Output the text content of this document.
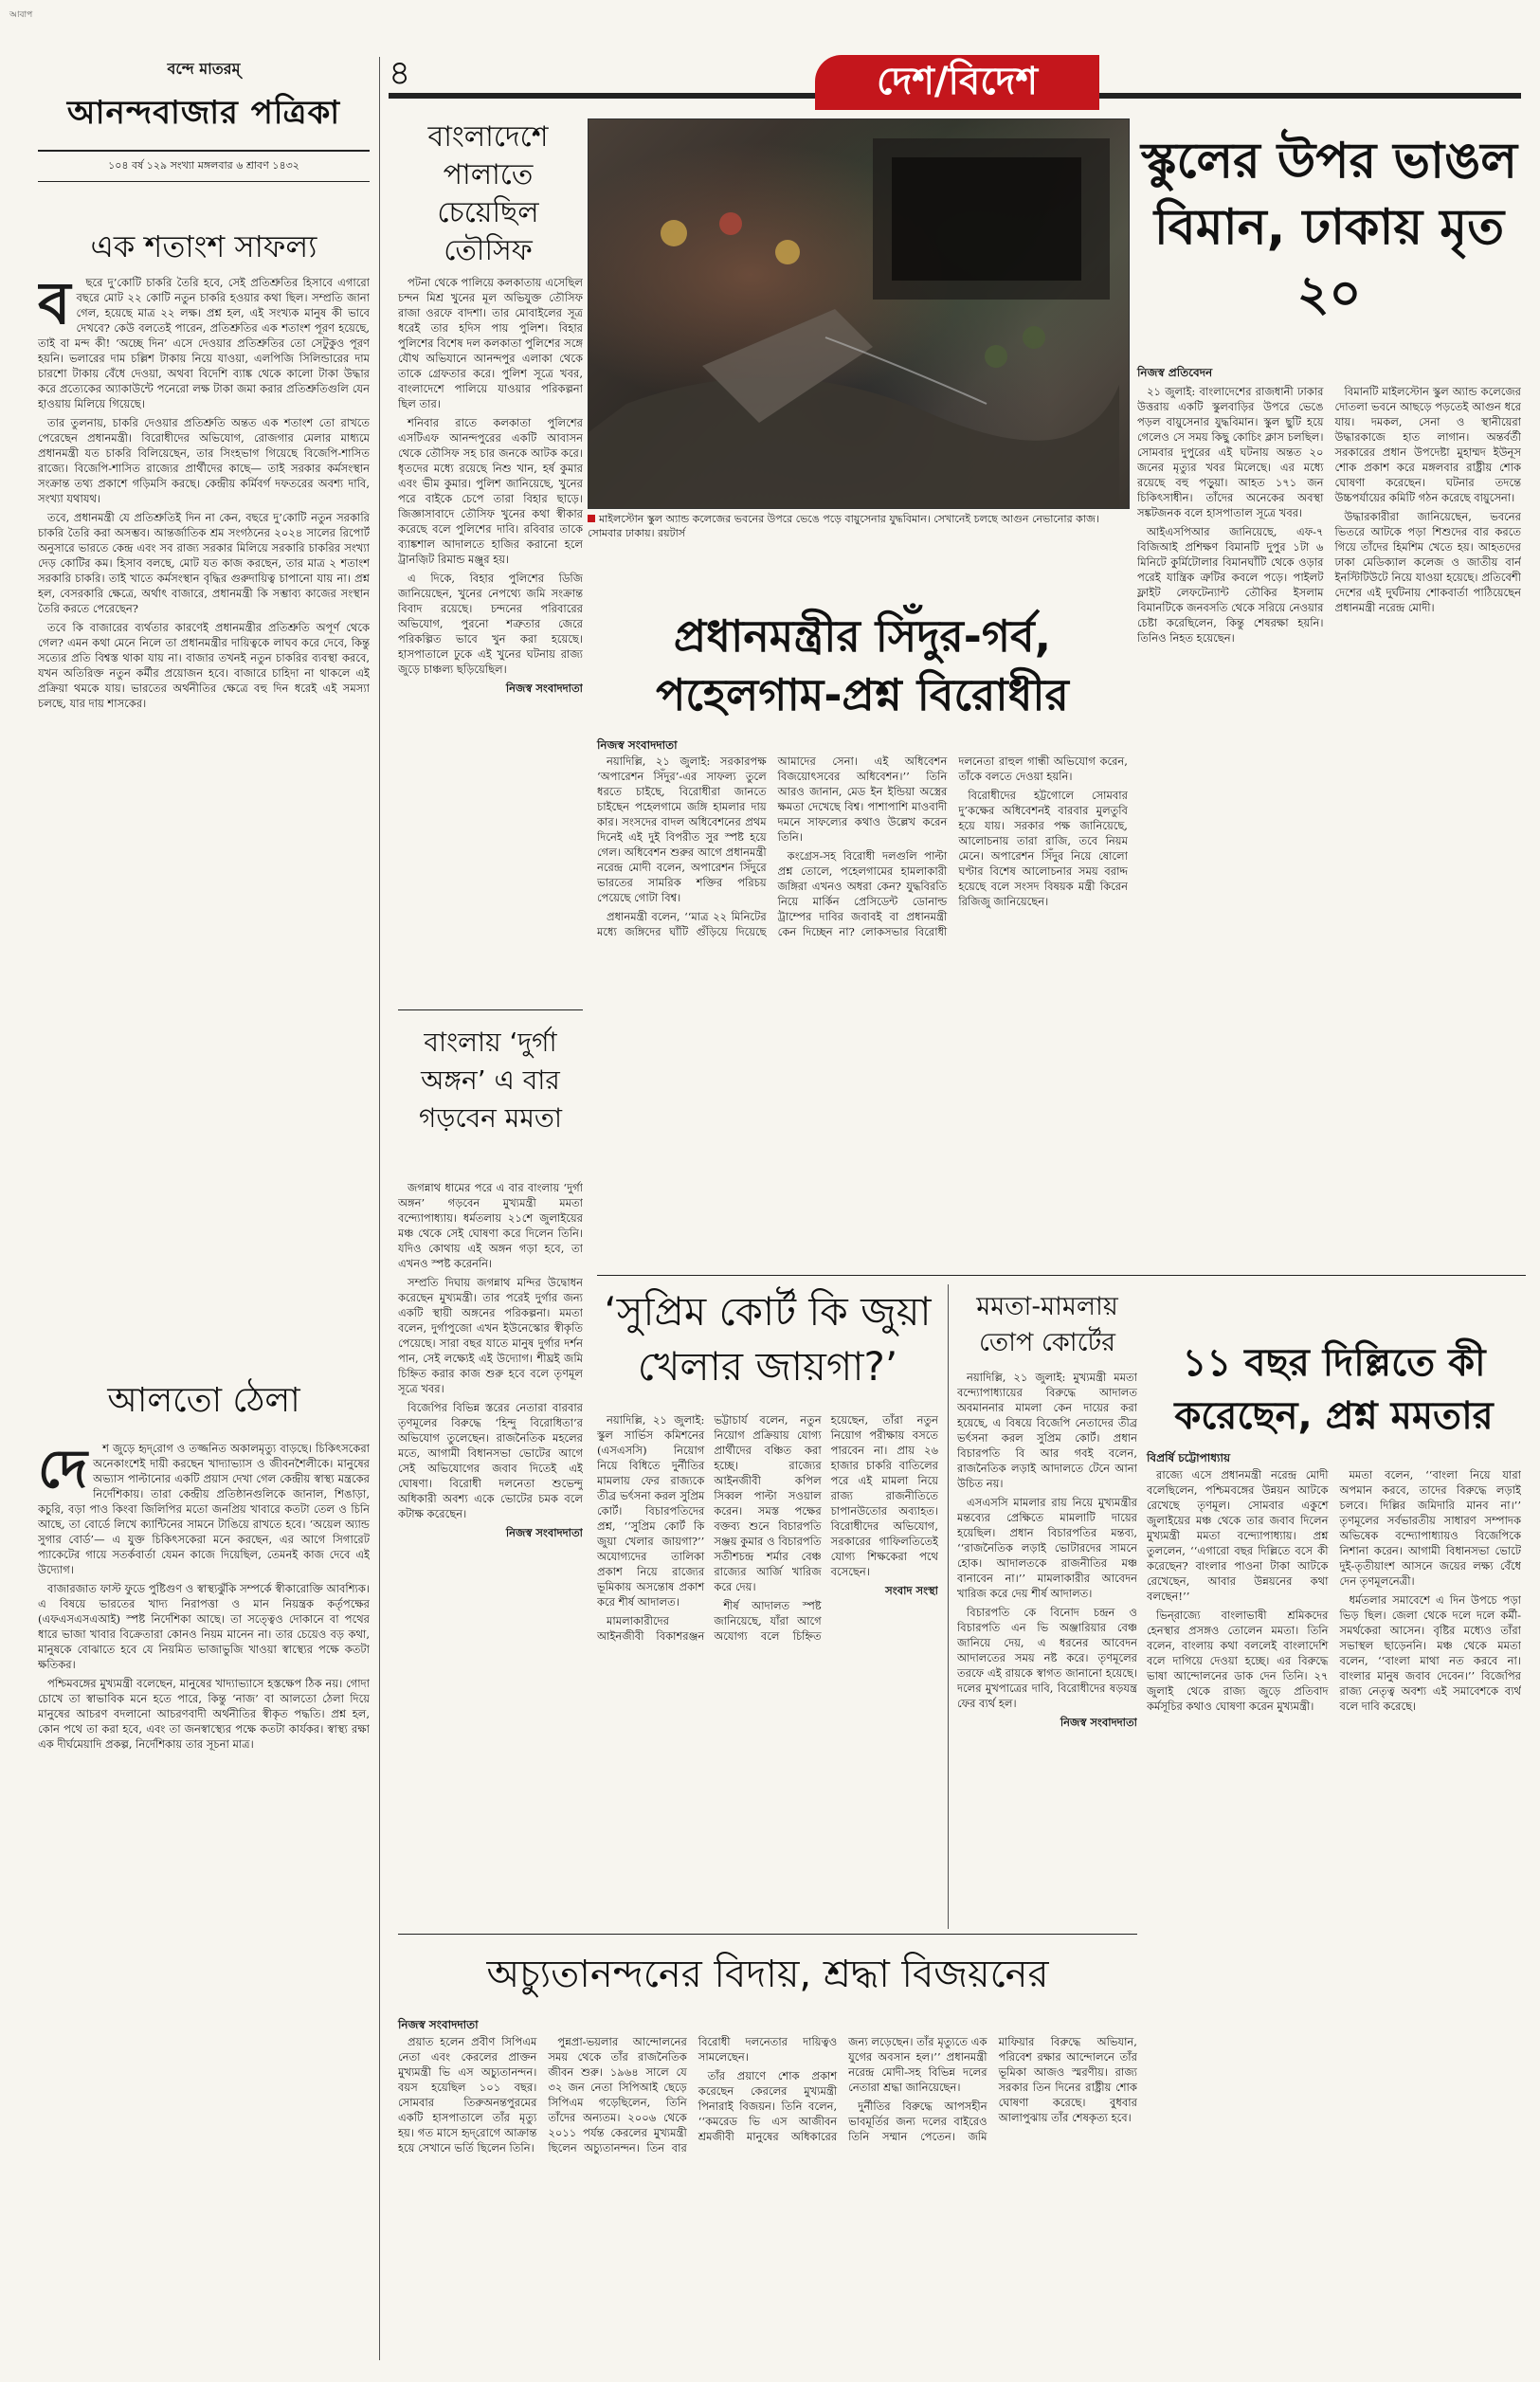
আবাপ
৪	দেশ/বিদেশ
বন্দে মাতরম্‌
আনন্দবাজার পত্রিকা
১০৪ বর্ষ ১২৯ সংখ্যা মঙ্গলবার ৬ শ্রাবণ ১৪৩২
এক শতাংশ সাফল্য
ব	ছরে দু’কোটি চাকরি তৈরি হবে, সেই প্রতিশ্রুতির হিসাবে এগারো বছরে মোট ২২ কোটি নতুন চাকরি হওয়ার কথা ছিল। সম্প্রতি জানা গেল, হয়েছে মাত্র ২২ লক্ষ। প্রশ্ন হল, এই সংখ্যক মানুষ কী ভাবে দেখবে? কেউ বলতেই পারেন, প্রতিশ্রুতির এক শতাংশ পূরণ হয়েছে, তাই বা মন্দ কী! ‘অচ্ছে দিন’ এসে দেওয়ার প্রতিশ্রুতির তো সেটুকুও পূরণ হয়নি। ভলারের দাম চল্লিশ টাকায় নিয়ে যাওয়া, এলপিজি সিলিন্ডারের দাম চারশো টাকায় বেঁধে দেওয়া, অথবা বিদেশি ব্যাঙ্ক থেকে কালো টাকা উদ্ধার করে প্রত্যেকের অ্যাকাউন্টে পনেরো লক্ষ টাকা জমা করার প্রতিশ্রুতিগুলি যেন হাওয়ায় মিলিয়ে গিয়েছে।

তার তুলনায়, চাকরি দেওয়ার প্রতিশ্রুতি অন্তত এক শতাংশ তো রাখতে পেরেছেন প্রধানমন্ত্রী। বিরোধীদের অভিযোগ, রোজগার মেলার মাধ্যমে প্রধানমন্ত্রী যত চাকরি বিলিয়েছেন, তার সিংহভাগ গিয়েছে বিজেপি-শাসিত রাজ্যে। বিজেপি-শাসিত রাজ্যের প্রার্থীদের কাছে— তাই সরকার কর্মসংস্থান সংক্রান্ত তথ্য প্রকাশে গড়িমসি করছে। কেন্দ্রীয় কর্মিবর্গ দফতরের অবশ্য দাবি, সংখ্যা যথাযথ।

তবে, প্রধানমন্ত্রী যে প্রতিশ্রুতিই দিন না কেন, বছরে দু’কোটি নতুন সরকারি চাকরি তৈরি করা অসম্ভব। আন্তর্জাতিক শ্রম সংগঠনের ২০২৪ সালের রিপোর্ট অনুসারে ভারতে কেন্দ্র এবং সব রাজ্য সরকার মিলিয়ে সরকারি চাকরির সংখ্যা দেড় কোটির কম। হিসাব বলছে, মোট যত কাজ করছেন, তার মাত্র ২ শতাংশ সরকারি চাকরি। তাই খাতে কর্মসংস্থান বৃদ্ধির গুরুদায়িত্ব চাপানো যায় না। প্রশ্ন হল, বেসরকারি ক্ষেত্রে, অর্থাৎ বাজারে, প্রধানমন্ত্রী কি সম্ভাব্য কাজের সংস্থান তৈরি করতে পেরেছেন?

তবে কি বাজারের ব্যর্থতার কারণেই প্রধানমন্ত্রীর প্রতিশ্রুতি অপূর্ণ থেকে গেল? এমন কথা মেনে নিলে তা প্রধানমন্ত্রীর দায়িত্বকে লাঘব করে দেবে, কিন্তু সত্যের প্রতি বিশ্বস্ত থাকা যায় না। বাজার তখনই নতুন চাকরির ব্যবস্থা করবে, যখন অতিরিক্ত নতুন কর্মীর প্রয়োজন হবে। বাজারে চাহিদা না থাকলে এই প্রক্রিয়া থমকে যায়। ভারতের অর্থনীতির ক্ষেত্রে বহু দিন ধরেই এই সমস্যা চলছে, যার দায় শাসকের।

আলতো ঠেলা
দে	শ জুড়ে হৃদ্‌রোগ ও তজ্জনিত অকালমৃত্যু বাড়ছে। চিকিৎসকেরা অনেকাংশেই দায়ী করছেন খাদ্যাভ্যাস ও জীবনশৈলীকে। মানুষের অভ্যাস পাল্টানোর একটি প্রয়াস দেখা গেল কেন্দ্রীয় স্বাস্থ্য মন্ত্রকের নির্দেশিকায়। তারা কেন্দ্রীয় প্রতিষ্ঠানগুলিকে জানাল, শিঙাড়া, কচুরি, বড়া পাও কিংবা জিলিপির মতো জনপ্রিয় খাবারে কতটা তেল ও চিনি আছে, তা বোর্ডে লিখে ক্যান্টিনের সামনে টাঙিয়ে রাখতে হবে। ‘অয়েল অ্যান্ড সুগার বোর্ড’— এ যুক্ত চিকিৎসকেরা মনে করছেন, এর আগে সিগারেট প্যাকেটের গায়ে সতর্কবার্তা যেমন কাজে দিয়েছিল, তেমনই কাজ দেবে এই উদ্যোগ।

বাজারজাত ফাস্ট ফুডে পুষ্টিগুণ ও স্বাস্থ্যঝুঁকি সম্পর্কে স্বীকারোক্তি আবশ্যিক। এ বিষয়ে ভারতের খাদ্য নিরাপত্তা ও মান নিয়ন্ত্রক কর্তৃপক্ষের (এফএসএসএআই) স্পষ্ট নির্দেশিকা আছে। তা সত্ত্বেও দোকানে বা পথের ধারে ভাজা খাবার বিক্রেতারা কোনও নিয়ম মানেন না। তার চেয়েও বড় কথা, মানুষকে বোঝাতে হবে যে নিয়মিত ভাজাভুজি খাওয়া স্বাস্থ্যের পক্ষে কতটা ক্ষতিকর।

পশ্চিমবঙ্গের মুখ্যমন্ত্রী বলেছেন, মানুষের খাদ্যাভ্যাসে হস্তক্ষেপ ঠিক নয়। গোদা চোখে তা স্বাভাবিক মনে হতে পারে, কিন্তু ‘নাজ’ বা আলতো ঠেলা দিয়ে মানুষের আচরণ বদলানো আচরণবাদী অর্থনীতির স্বীকৃত পদ্ধতি। প্রশ্ন হল, কোন পথে তা করা হবে, এবং তা জনস্বাস্থ্যের পক্ষে কতটা কার্যকর। স্বাস্থ্য রক্ষা এক দীর্ঘমেয়াদি প্রকল্প, নির্দেশিকায় তার সূচনা মাত্র।

বাংলাদেশে পালাতে চেয়েছিল তৌসিফ

পটনা থেকে পালিয়ে কলকাতায় এসেছিল চন্দন মিশ্র খুনের মূল অভিযুক্ত তৌসিফ রাজা ওরফে বাদশা। তার মোবাইলের সূত্র ধরেই তার হদিস পায় পুলিশ। বিহার পুলিশের বিশেষ দল কলকাতা পুলিশের সঙ্গে যৌথ অভিযানে আনন্দপুর এলাকা থেকে তাকে গ্রেফতার করে। পুলিশ সূত্রে খবর, বাংলাদেশে পালিয়ে যাওয়ার পরিকল্পনা ছিল তার।

শনিবার রাতে কলকাতা পুলিশের এসটিএফ আনন্দপুরের একটি আবাসন থেকে তৌসিফ সহ চার জনকে আটক করে। ধৃতদের মধ্যে রয়েছে নিশু খান, হর্ষ কুমার এবং ভীম কুমার। পুলিশ জানিয়েছে, খুনের পরে বাইকে চেপে তারা বিহার ছাড়ে। জিজ্ঞাসাবাদে তৌসিফ খুনের কথা স্বীকার করেছে বলে পুলিশের দাবি। রবিবার তাকে ব্যাঙ্কশাল আদালতে হাজির করানো হলে ট্রানজ়িট রিমান্ড মঞ্জুর হয়।

এ দিকে, বিহার পুলিশের ডিজি জানিয়েছেন, খুনের নেপথ্যে জমি সংক্রান্ত বিবাদ রয়েছে। চন্দনের পরিবারের অভিযোগ, পুরনো শত্রুতার জেরে পরিকল্পিত ভাবে খুন করা হয়েছে। হাসপাতালে ঢুকে এই খুনের ঘটনায় রাজ্য জুড়ে চাঞ্চল্য ছড়িয়েছিল।

নিজস্ব সংবাদদাতা
মাইলস্টোন স্কুল অ্যান্ড কলেজের ভবনের উপরে ভেঙে পড়ে বায়ুসেনার যুদ্ধবিমান। সেখানেই চলছে আগুন নেভানোর কাজ। সোমবার ঢাকায়। রয়টার্স
স্কুলের উপর ভাঙল বিমান, ঢাকায় মৃত ২০
নিজস্ব প্রতিবেদন

২১ জুলাই: বাংলাদেশের রাজধানী ঢাকার উত্তরায় একটি স্কুলবাড়ির উপরে ভেঙে পড়ল বায়ুসেনার যুদ্ধবিমান। স্কুল ছুটি হয়ে গেলেও সে সময় কিছু কোচিং ক্লাস চলছিল। সোমবার দুপুরের এই ঘটনায় অন্তত ২০ জনের মৃত্যুর খবর মিলেছে। এর মধ্যে রয়েছে বহু পড়ুয়া। আহত ১৭১ জন চিকিৎসাধীন। তাঁদের অনেকের অবস্থা সঙ্কটজনক বলে হাসপাতাল সূত্রে খবর।

আইএসপিআর জানিয়েছে, এফ-৭ বিজিআই প্রশিক্ষণ বিমানটি দুপুর ১টা ৬ মিনিটে কুর্মিটোলার বিমানঘাঁটি থেকে ওড়ার পরেই যান্ত্রিক ত্রুটির কবলে পড়ে। পাইলট ফ্লাইট লেফটেন্যান্ট তৌকির ইসলাম বিমানটিকে জনবসতি থেকে সরিয়ে নেওয়ার চেষ্টা করেছিলেন, কিন্তু শেষরক্ষা হয়নি। তিনিও নিহত হয়েছেন।

বিমানটি মাইলস্টোন স্কুল অ্যান্ড কলেজের দোতলা ভবনে আছড়ে পড়তেই আগুন ধরে যায়। দমকল, সেনা ও স্থানীয়েরা উদ্ধারকাজে হাত লাগান। অন্তর্বর্তী সরকারের প্রধান উপদেষ্টা মুহাম্মদ ইউনূস শোক প্রকাশ করে মঙ্গলবার রাষ্ট্রীয় শোক ঘোষণা করেছেন। ঘটনার তদন্তে উচ্চপর্যায়ের কমিটি গঠন করেছে বায়ুসেনা।

উদ্ধারকারীরা জানিয়েছেন, ভবনের ভিতরে আটকে পড়া শিশুদের বার করতে গিয়ে তাঁদের হিমশিম খেতে হয়। আহতদের ঢাকা মেডিক্যাল কলেজ ও জাতীয় বার্ন ইনস্টিটিউটে নিয়ে যাওয়া হয়েছে। প্রতিবেশী দেশের এই দুর্ঘটনায় শোকবার্তা পাঠিয়েছেন প্রধানমন্ত্রী নরেন্দ্র মোদী।

প্রধানমন্ত্রীর সিঁদুর-গর্ব, পহেলগাম-প্রশ্ন বিরোধীর
নিজস্ব সংবাদদাতা

নয়াদিল্লি, ২১ জুলাই: সরকারপক্ষ ‘অপারেশন সিঁদুর’-এর সাফল্য তুলে ধরতে চাইছে, বিরোধীরা জানতে চাইছেন পহেলগামে জঙ্গি হামলার দায় কার। সংসদের বাদল অধিবেশনের প্রথম দিনেই এই দুই বিপরীত সুর স্পষ্ট হয়ে গেল। অধিবেশন শুরুর আগে প্রধানমন্ত্রী নরেন্দ্র মোদী বলেন, অপারেশন সিঁদুরে ভারতের সামরিক শক্তির পরিচয় পেয়েছে গোটা বিশ্ব।

প্রধানমন্ত্রী বলেন, ‘‘মাত্র ২২ মিনিটের মধ্যে জঙ্গিদের ঘাঁটি গুঁড়িয়ে দিয়েছে আমাদের সেনা। এই অধিবেশন বিজয়োৎসবের অধিবেশন।’’ তিনি আরও জানান, মেড ইন ইন্ডিয়া অস্ত্রের ক্ষমতা দেখেছে বিশ্ব। পাশাপাশি মাওবাদী দমনে সাফল্যের কথাও উল্লেখ করেন তিনি।

কংগ্রেস-সহ বিরোধী দলগুলি পাল্টা প্রশ্ন তোলে, পহেলগামের হামলাকারী জঙ্গিরা এখনও অধরা কেন? যুদ্ধবিরতি নিয়ে মার্কিন প্রেসিডেন্ট ডোনাল্ড ট্রাম্পের দাবির জবাবই বা প্রধানমন্ত্রী কেন দিচ্ছেন না? লোকসভার বিরোধী দলনেতা রাহুল গান্ধী অভিযোগ করেন, তাঁকে বলতে দেওয়া হয়নি।

বিরোধীদের হট্টগোলে সোমবার দু’কক্ষের অধিবেশনই বারবার মুলতুবি হয়ে যায়। সরকার পক্ষ জানিয়েছে, আলোচনায় তারা রাজি, তবে নিয়ম মেনে। অপারেশন সিঁদুর নিয়ে ষোলো ঘণ্টার বিশেষ আলোচনার সময় বরাদ্দ হয়েছে বলে সংসদ বিষয়ক মন্ত্রী কিরেন রিজিজু জানিয়েছেন।

বাংলায় ‘দুর্গা অঙ্গন’ এ বার গড়বেন মমতা

জগন্নাথ ধামের পরে এ বার বাংলায় ‘দুর্গা অঙ্গন’ গড়বেন মুখ্যমন্ত্রী মমতা বন্দ্যোপাধ্যায়। ধর্মতলায় ২১শে জুলাইয়ের মঞ্চ থেকে সেই ঘোষণা করে দিলেন তিনি। যদিও কোথায় এই অঙ্গন গড়া হবে, তা এখনও স্পষ্ট করেননি।

সম্প্রতি দিঘায় জগন্নাথ মন্দির উদ্বোধন করেছেন মুখ্যমন্ত্রী। তার পরেই দুর্গার জন্য একটি স্থায়ী অঙ্গনের পরিকল্পনা। মমতা বলেন, দুর্গাপুজো এখন ইউনেস্কোর স্বীকৃতি পেয়েছে। সারা বছর যাতে মানুষ দুর্গার দর্শন পান, সেই লক্ষ্যেই এই উদ্যোগ। শীঘ্রই জমি চিহ্নিত করার কাজ শুরু হবে বলে তৃণমূল সূত্রে খবর।

বিজেপির বিভিন্ন স্তরের নেতারা বারবার তৃণমূলের বিরুদ্ধে ‘হিন্দু বিরোধিতা’র অভিযোগ তুলেছেন। রাজনৈতিক মহলের মতে, আগামী বিধানসভা ভোটের আগে সেই অভিযোগের জবাব দিতেই এই ঘোষণা। বিরোধী দলনেতা শুভেন্দু অধিকারী অবশ্য একে ভোটের চমক বলে কটাক্ষ করেছেন।

নিজস্ব সংবাদদাতা
‘সুপ্রিম কোর্ট কি জুয়া খেলার জায়গা?’

নয়াদিল্লি, ২১ জুলাই: স্কুল সার্ভিস কমিশনের (এসএসসি) নিয়োগ নিয়ে বিধিতে দুর্নীতির মামলায় ফের রাজ্যকে তীব্র ভর্ৎসনা করল সুপ্রিম কোর্ট। বিচারপতিদের প্রশ্ন, ‘‘সুপ্রিম কোর্ট কি জুয়া খেলার জায়গা?’’ অযোগ্যদের তালিকা প্রকাশ নিয়ে রাজ্যের ভূমিকায় অসন্তোষ প্রকাশ করে শীর্ষ আদালত।

মামলাকারীদের আইনজীবী বিকাশরঞ্জন ভট্টাচার্য বলেন, নতুন নিয়োগ প্রক্রিয়ায় যোগ্য প্রার্থীদের বঞ্চিত করা হচ্ছে। রাজ্যের আইনজীবী কপিল সিব্বল পাল্টা সওয়াল করেন। সমস্ত পক্ষের বক্তব্য শুনে বিচারপতি সঞ্জয় কুমার ও বিচারপতি সতীশচন্দ্র শর্মার বেঞ্চ রাজ্যের আর্জি খারিজ করে দেয়।

শীর্ষ আদালত স্পষ্ট জানিয়েছে, যাঁরা আগে অযোগ্য বলে চিহ্নিত হয়েছেন, তাঁরা নতুন নিয়োগ পরীক্ষায় বসতে পারবেন না। প্রায় ২৬ হাজার চাকরি বাতিলের পরে এই মামলা নিয়ে রাজ্য রাজনীতিতে চাপানউতোর অব্যাহত। বিরোধীদের অভিযোগ, সরকারের গাফিলতিতেই যোগ্য শিক্ষকেরা পথে বসেছেন।

সংবাদ সংস্থা
মমতা-মামলায় তোপ কোর্টের

নয়াদিল্লি, ২১ জুলাই: মুখ্যমন্ত্রী মমতা বন্দ্যোপাধ্যায়ের বিরুদ্ধে আদালত অবমাননার মামলা কেন দায়ের করা হয়েছে, এ বিষয়ে বিজেপি নেতাদের তীব্র ভর্ৎসনা করল সুপ্রিম কোর্ট। প্রধান বিচারপতি বি আর গবই বলেন, রাজনৈতিক লড়াই আদালতে টেনে আনা উচিত নয়।

এসএসসি মামলার রায় নিয়ে মুখ্যমন্ত্রীর মন্তব্যের প্রেক্ষিতে মামলাটি দায়ের হয়েছিল। প্রধান বিচারপতির মন্তব্য, ‘‘রাজনৈতিক লড়াই ভোটারদের সামনে হোক। আদালতকে রাজনীতির মঞ্চ বানাবেন না।’’ মামলাকারীর আবেদন খারিজ করে দেয় শীর্ষ আদালত।

বিচারপতি কে বিনোদ চন্দ্রন ও বিচারপতি এন ভি অঞ্জারিয়ার বেঞ্চ জানিয়ে দেয়, এ ধরনের আবেদন আদালতের সময় নষ্ট করে। তৃণমূলের তরফে এই রায়কে স্বাগত জানানো হয়েছে। দলের মুখপাত্রের দাবি, বিরোধীদের ষড়যন্ত্র ফের ব্যর্থ হল।

নিজস্ব সংবাদদাতা
১১ বছর দিল্লিতে কী করেছেন, প্রশ্ন মমতার
বিপ্রর্ষি চট্টোপাধ্যায়

রাজ্যে এসে প্রধানমন্ত্রী নরেন্দ্র মোদী বলেছিলেন, পশ্চিমবঙ্গের উন্নয়ন আটকে রেখেছে তৃণমূল। সোমবার একুশে জুলাইয়ের মঞ্চ থেকে তার জবাব দিলেন মুখ্যমন্ত্রী মমতা বন্দ্যোপাধ্যায়। প্রশ্ন তুললেন, ‘‘এগারো বছর দিল্লিতে বসে কী করেছেন? বাংলার পাওনা টাকা আটকে রেখেছেন, আবার উন্নয়নের কথা বলছেন!’’

ভিন্‌রাজ্যে বাংলাভাষী শ্রমিকদের হেনস্থার প্রসঙ্গও তোলেন মমতা। তিনি বলেন, বাংলায় কথা বললেই বাংলাদেশি বলে দাগিয়ে দেওয়া হচ্ছে। এর বিরুদ্ধে ভাষা আন্দোলনের ডাক দেন তিনি। ২৭ জুলাই থেকে রাজ্য জুড়ে প্রতিবাদ কর্মসূচির কথাও ঘোষণা করেন মুখ্যমন্ত্রী।

মমতা বলেন, ‘‘বাংলা নিয়ে যারা অপমান করবে, তাদের বিরুদ্ধে লড়াই চলবে। দিল্লির জমিদারি মানব না।’’ তৃণমূলের সর্বভারতীয় সাধারণ সম্পাদক অভিষেক বন্দ্যোপাধ্যায়ও বিজেপিকে নিশানা করেন। আগামী বিধানসভা ভোটে দুই-তৃতীয়াংশ আসনে জয়ের লক্ষ্য বেঁধে দেন তৃণমূলনেত্রী।

ধর্মতলার সমাবেশে এ দিন উপচে পড়া ভিড় ছিল। জেলা থেকে দলে দলে কর্মী-সমর্থকেরা আসেন। বৃষ্টির মধ্যেও তাঁরা সভাস্থল ছাড়েননি। মঞ্চ থেকে মমতা বলেন, ‘‘বাংলা মাথা নত করবে না। বাংলার মানুষ জবাব দেবেন।’’ বিজেপির রাজ্য নেতৃত্ব অবশ্য এই সমাবেশকে ব্যর্থ বলে দাবি করেছে।

অচ্যুতানন্দনের বিদায়, শ্রদ্ধা বিজয়নের
নিজস্ব সংবাদদাতা

প্রয়াত হলেন প্রবীণ সিপিএম নেতা এবং কেরলের প্রাক্তন মুখ্যমন্ত্রী ভি এস অচ্যুতানন্দন। বয়স হয়েছিল ১০১ বছর। সোমবার তিরুঅনন্তপুরমের একটি হাসপাতালে তাঁর মৃত্যু হয়। গত মাসে হৃদ্‌রোগে আক্রান্ত হয়ে সেখানে ভর্তি ছিলেন তিনি।

পুন্নপ্রা-ভয়লার আন্দোলনের সময় থেকে তাঁর রাজনৈতিক জীবন শুরু। ১৯৬৪ সালে যে ৩২ জন নেতা সিপিআই ছেড়ে সিপিএম গড়েছিলেন, তিনি তাঁদের অন্যতম। ২০০৬ থেকে ২০১১ পর্যন্ত কেরলের মুখ্যমন্ত্রী ছিলেন অচ্যুতানন্দন। তিন বার বিরোধী দলনেতার দায়িত্বও সামলেছেন।

তাঁর প্রয়াণে শোক প্রকাশ করেছেন কেরলের মুখ্যমন্ত্রী পিনারাই বিজয়ন। তিনি বলেন, ‘‘কমরেড ভি এস আজীবন শ্রমজীবী মানুষের অধিকারের জন্য লড়েছেন। তাঁর মৃত্যুতে এক যুগের অবসান হল।’’ প্রধানমন্ত্রী নরেন্দ্র মোদী-সহ বিভিন্ন দলের নেতারা শ্রদ্ধা জানিয়েছেন।

দুর্নীতির বিরুদ্ধে আপসহীন ভাবমূর্তির জন্য দলের বাইরেও তিনি সম্মান পেতেন। জমি মাফিয়ার বিরুদ্ধে অভিযান, পরিবেশ রক্ষার আন্দোলনে তাঁর ভূমিকা আজও স্মরণীয়। রাজ্য সরকার তিন দিনের রাষ্ট্রীয় শোক ঘোষণা করেছে। বুধবার আলাপুঝায় তাঁর শেষকৃত্য হবে।
